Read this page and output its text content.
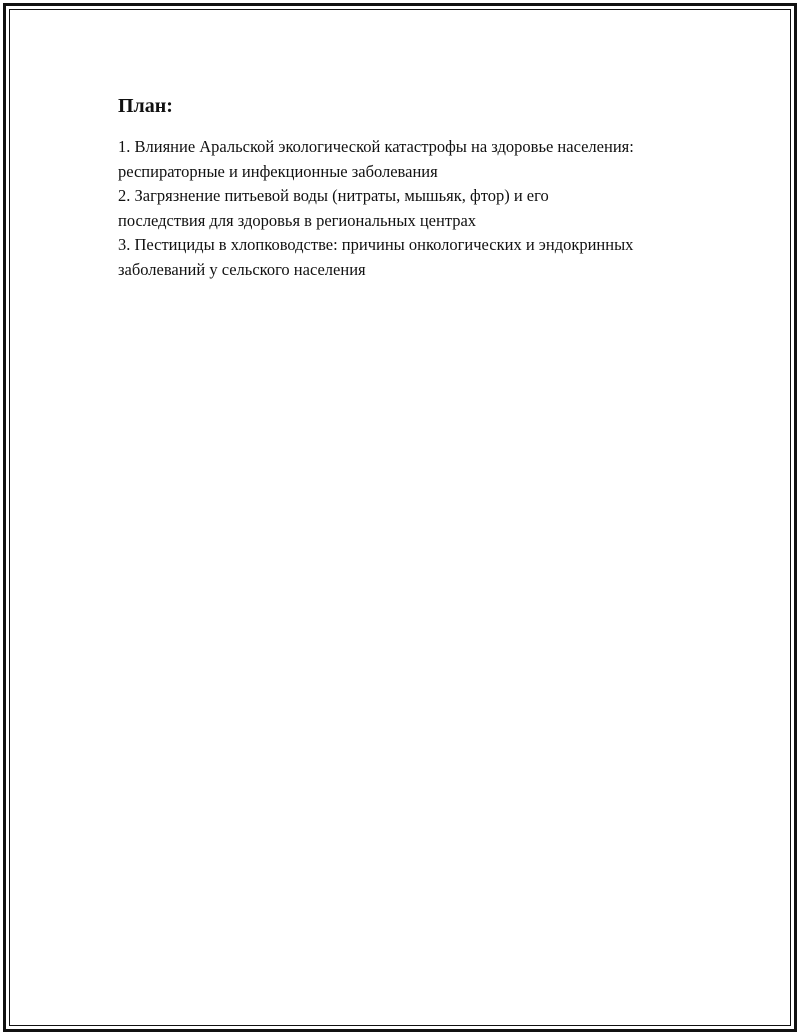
План:
1. Влияние Аральской экологической катастрофы на здоровье населения: респираторные и инфекционные заболевания
2. Загрязнение питьевой воды (нитраты, мышьяк, фтор) и его последствия для здоровья в региональных центрах
3. Пестициды в хлопководстве: причины онкологических и эндокринных заболеваний у сельского населения
